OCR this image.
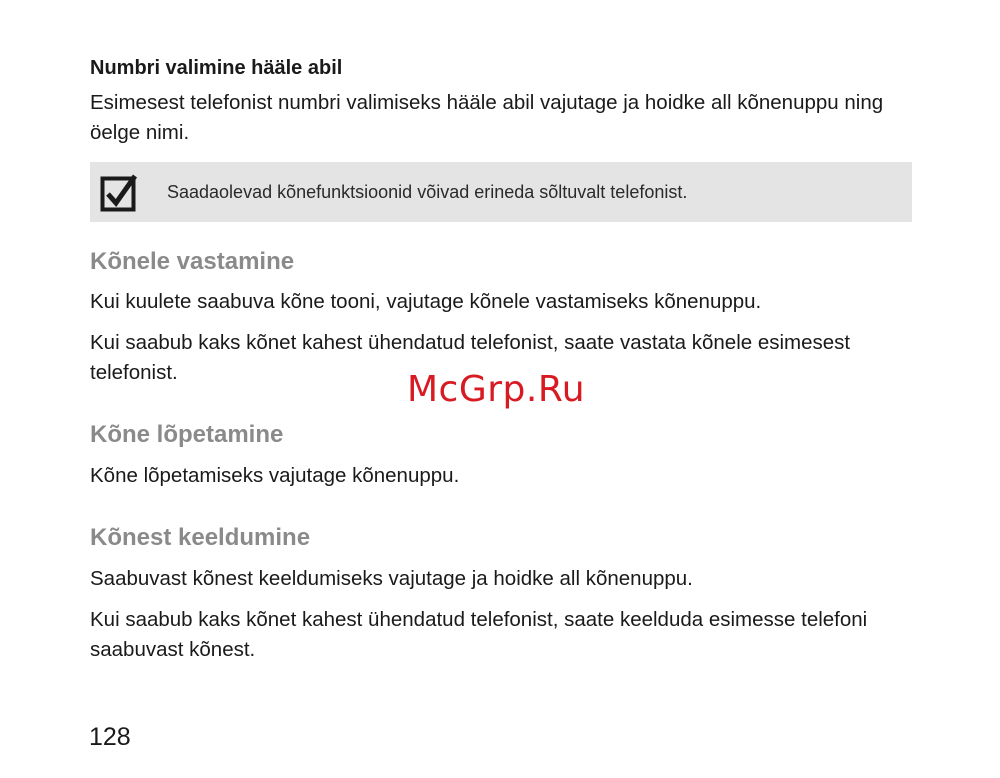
Numbri valimine hääle abil

Esimesest telefonist numbri valimiseks hääle abil vajutage ja hoidke all kõnenuppu ning öelge nimi.

Saadaolevad kõnefunktsioonid võivad erineda sõltuvalt telefonist.
Kõnele vastamine

Kui kuulete saabuva kõne tooni, vajutage kõnele vastamiseks kõnenuppu.

Kui saabub kaks kõnet kahest ühendatud telefonist, saate vastata kõnele esimesest telefonist.

Kõne lõpetamine

Kõne lõpetamiseks vajutage kõnenuppu.

Kõnest keeldumine

Saabuvast kõnest keeldumiseks vajutage ja hoidke all kõnenuppu.

Kui saabub kaks kõnet kahest ühendatud telefonist, saate keelduda esimesse telefoni saabuvast kõnest.

McGrp.Ru
128
